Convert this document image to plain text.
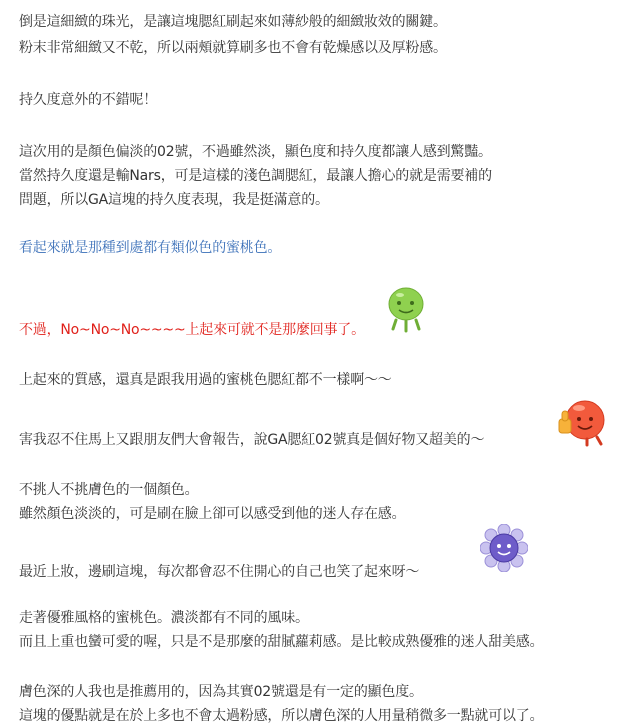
倒是這細緻的珠光，是讓這塊腮紅刷起來如薄紗般的細緻妝效的關鍵。
粉末非常細緻又不乾，所以兩頰就算刷多也不會有乾燥感以及厚粉感。
持久度意外的不錯呢！
這次用的是顏色偏淡的02號，不過雖然淡，顯色度和持久度都讓人感到驚豔。
當然持久度還是輸Nars，可是這樣的淺色調腮紅，最讓人擔心的就是需要補的
問題，所以GA這塊的持久度表現，我是挺滿意的。
看起來就是那種到處都有類似色的蜜桃色。
不過，No~No~No~~~~上起來可就不是那麼回事了。
上起來的質感，還真是跟我用過的蜜桃色腮紅都不一樣啊～～
害我忍不住馬上又跟朋友們大會報告，說GA腮紅02號真是個好物又超美的～
不挑人不挑膚色的一個顏色。
雖然顏色淡淡的，可是刷在臉上卻可以感受到他的迷人存在感。
最近上妝，邊刷這塊，每次都會忍不住開心的自己也笑了起來呀～
走著優雅風格的蜜桃色。濃淡都有不同的風味。
而且上重也蠻可愛的喔，只是不是那麼的甜膩蘿莉感。是比較成熟優雅的迷人甜美感。
膚色深的人我也是推薦用的，因為其實02號還是有一定的顯色度。
這塊的優點就是在於上多也不會太過粉感，所以膚色深的人用量稍微多一點就可以了。
